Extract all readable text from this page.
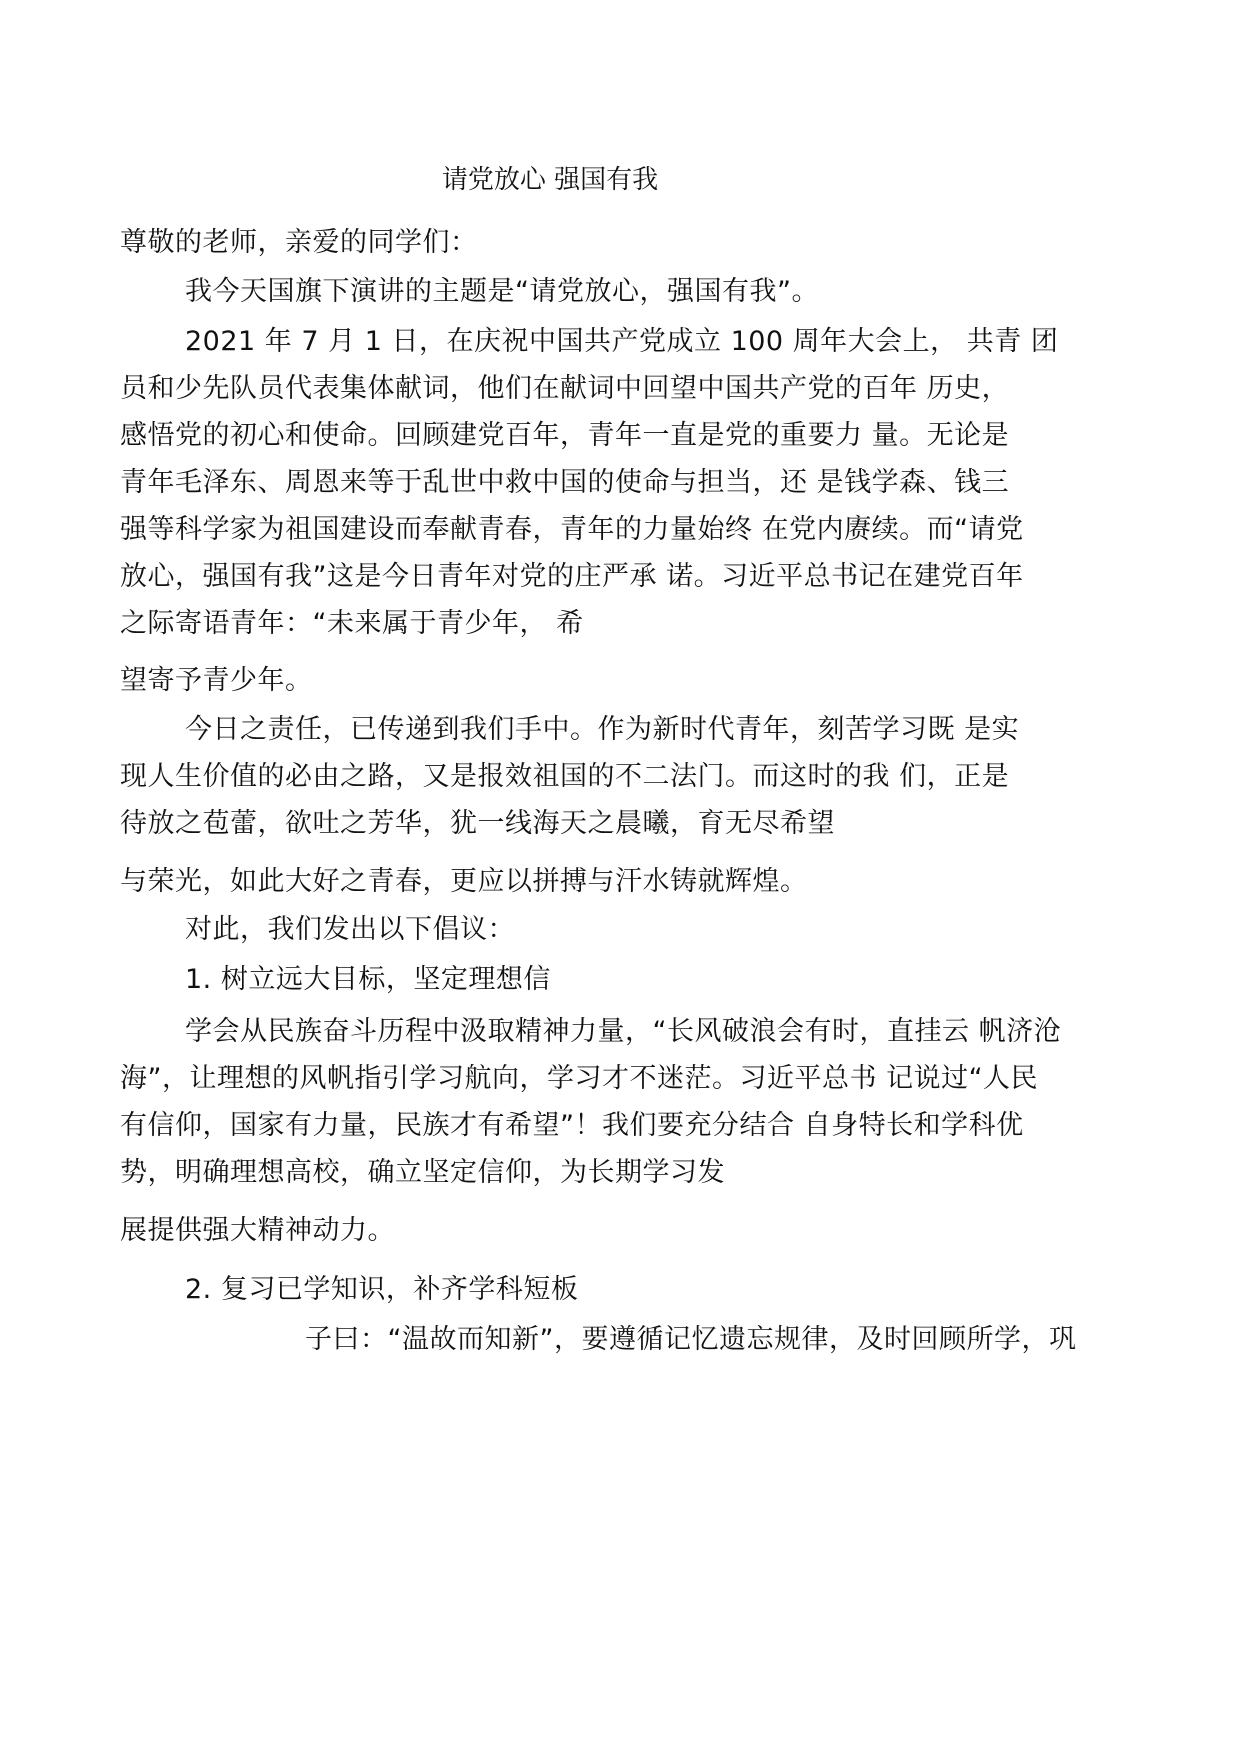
请党放心 强国有我
尊敬的老师，亲爱的同学们：
我今天国旗下演讲的主题是“请党放心，强国有我”。
2021 年 7 月 1 日，在庆祝中国共产党成立 100 周年大会上， 共青 团
员和少先队员代表集体献词，他们在献词中回望中国共产党的百年 历史，
感悟党的初心和使命。回顾建党百年，青年一直是党的重要力 量。无论是
青年毛泽东、周恩来等于乱世中救中国的使命与担当，还 是钱学森、钱三
强等科学家为祖国建设而奉献青春，青年的力量始终 在党内赓续。而“请党
放心，强国有我”这是今日青年对党的庄严承 诺。习近平总书记在建党百年
之际寄语青年：“未来属于青少年， 希
望寄予青少年。
今日之责任，已传递到我们手中。作为新时代青年，刻苦学习既 是实
现人生价值的必由之路，又是报效祖国的不二法门。而这时的我 们，正是
待放之苞蕾，欲吐之芳华，犹一线海天之晨曦，育无尽希望
与荣光，如此大好之青春，更应以拼搏与汗水铸就辉煌。
对此，我们发出以下倡议：
1. 树立远大目标，坚定理想信
学会从民族奋斗历程中汲取精神力量，“长风破浪会有时，直挂云 帆济沧
海”，让理想的风帆指引学习航向，学习才不迷茫。习近平总书 记说过“人民
有信仰，国家有力量，民族才有希望”！我们要充分结合 自身特长和学科优
势，明确理想高校，确立坚定信仰，为长期学习发
展提供强大精神动力。
2. 复习已学知识，补齐学科短板
子曰：“温故而知新”，要遵循记忆遗忘规律，及时回顾所学，巩
